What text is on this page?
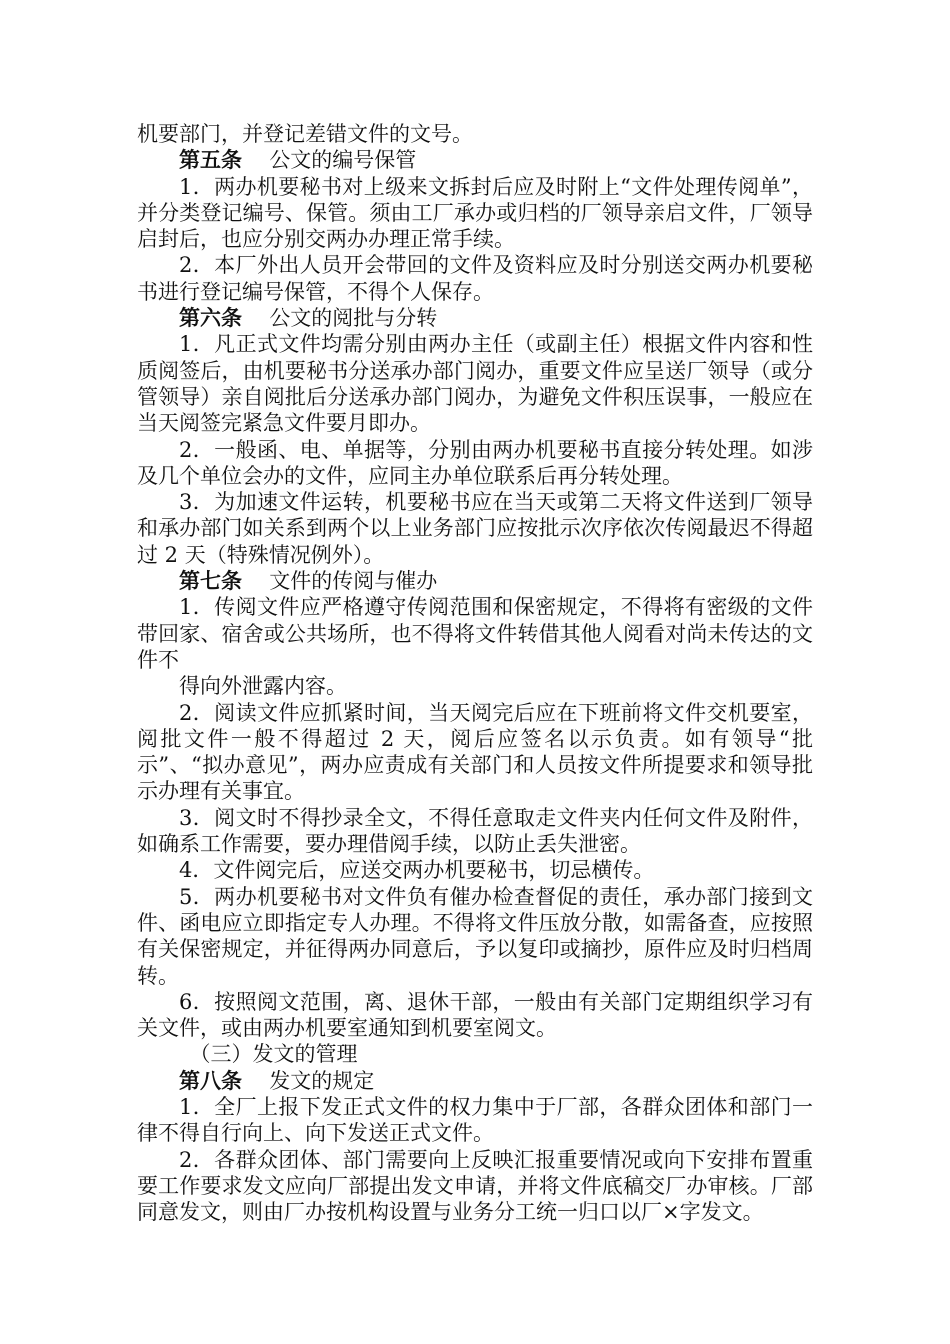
机要部门，并登记差错文件的文号。

第五条 公文的编号保管

1．两办机要秘书对上级来文拆封后应及时附上“文件处理传阅单”，并分类登记编号、保管。须由工厂承办或归档的厂领导亲启文件，厂领导启封后，也应分别交两办办理正常手续。

2．本厂外出人员开会带回的文件及资料应及时分别送交两办机要秘书进行登记编号保管，不得个人保存。

第六条 公文的阅批与分转

1．凡正式文件均需分别由两办主任（或副主任）根据文件内容和性质阅签后，由机要秘书分送承办部门阅办，重要文件应呈送厂领导（或分管领导）亲自阅批后分送承办部门阅办，为避免文件积压误事，一般应在当天阅签完紧急文件要月即办。

2．一般函、电、单据等，分别由两办机要秘书直接分转处理。如涉及几个单位会办的文件，应同主办单位联系后再分转处理。

3．为加速文件运转，机要秘书应在当天或第二天将文件送到厂领导和承办部门如关系到两个以上业务部门应按批示次序依次传阅最迟不得超过 2 天（特殊情况例外）。

第七条 文件的传阅与催办

1．传阅文件应严格遵守传阅范围和保密规定，不得将有密级的文件带回家、宿舍或公共场所，也不得将文件转借其他人阅看对尚未传达的文件不

得向外泄露内容。

2．阅读文件应抓紧时间，当天阅完后应在下班前将文件交机要室，阅批文件一般不得超过 2 天，阅后应签名以示负责。如有领导“批示”、“拟办意见”，两办应责成有关部门和人员按文件所提要求和领导批示办理有关事宜。

3．阅文时不得抄录全文，不得任意取走文件夹内任何文件及附件，如确系工作需要，要办理借阅手续，以防止丢失泄密。

4．文件阅完后，应送交两办机要秘书，切忌横传。

5．两办机要秘书对文件负有催办检查督促的责任，承办部门接到文件、函电应立即指定专人办理。不得将文件压放分散，如需备查，应按照有关保密规定，并征得两办同意后，予以复印或摘抄，原件应及时归档周转。

6．按照阅文范围，离、退休干部，一般由有关部门定期组织学习有关文件，或由两办机要室通知到机要室阅文。

（三）发文的管理

第八条 发文的规定

1．全厂上报下发正式文件的权力集中于厂部，各群众团体和部门一律不得自行向上、向下发送正式文件。

2．各群众团体、部门需要向上反映汇报重要情况或向下安排布置重要工作要求发文应向厂部提出发文申请，并将文件底稿交厂办审核。厂部同意发文，则由厂办按机构设置与业务分工统一归口以厂×字发文。
